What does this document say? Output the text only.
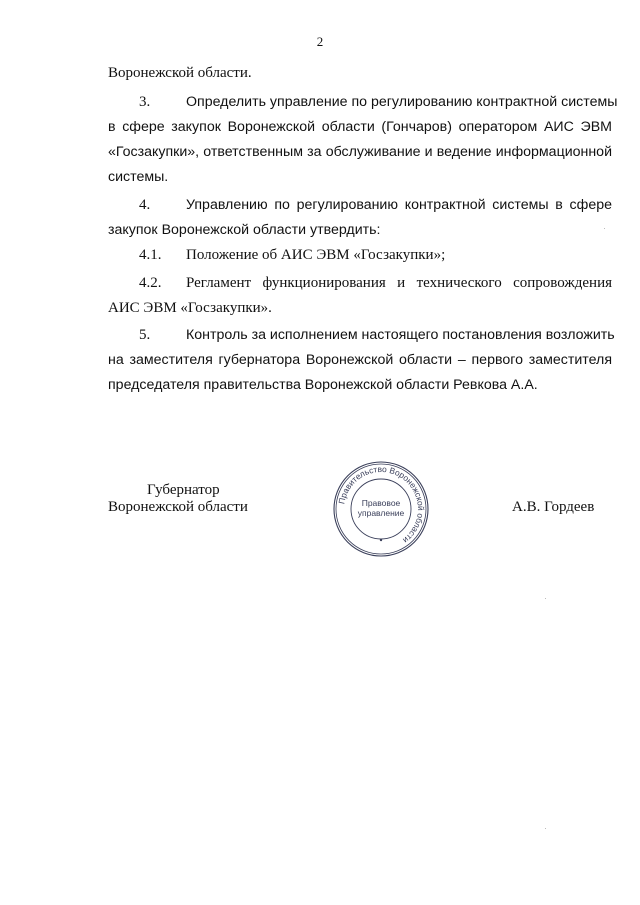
2
Воронежской области.
3.	Определить управление по регулированию контрактной системы
в сфере закупок Воронежской области (Гончаров) оператором АИС ЭВМ
«Госзакупки», ответственным за обслуживание и ведение информационной
системы.
4.	Управлению по регулированию контрактной системы в сфере
закупок Воронежской области утвердить:
4.1. Положение об АИС ЭВМ «Госзакупки»;
4.2. Регламент функционирования и технического сопровождения
АИС ЭВМ «Госзакупки».
5.	Контроль за исполнением настоящего постановления возложить
на заместителя губернатора Воронежской области – первого заместителя
председателя правительства Воронежской области Ревкова А.А.
Губернатор
Воронежской области	А.В. Гордеев
Правительство Воронежской области
Правовое
управление
